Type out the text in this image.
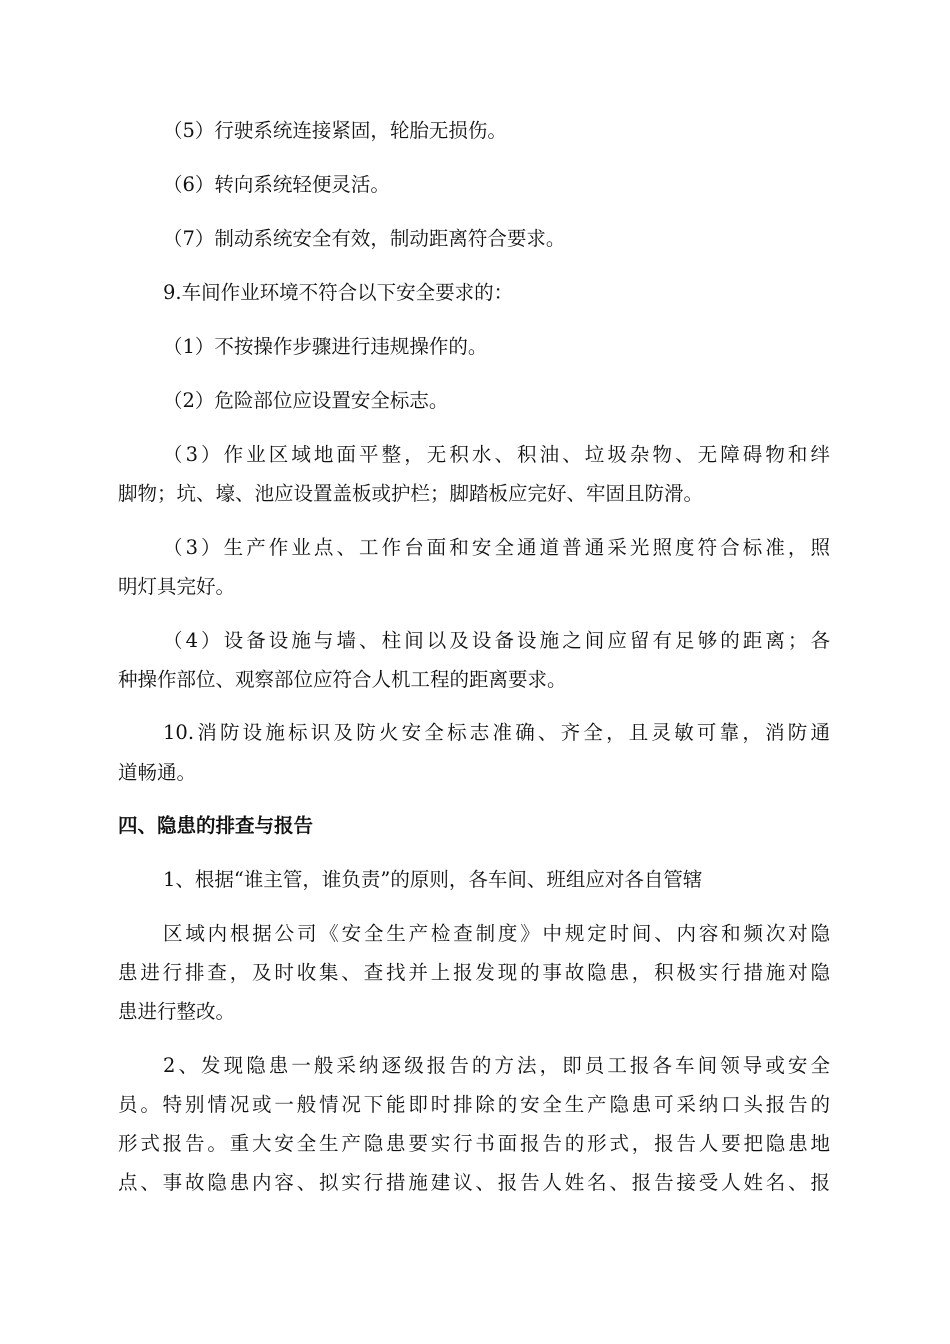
（5）行驶系统连接紧固，轮胎无损伤。
（6）转向系统轻便灵活。
（7）制动系统安全有效，制动距离符合要求。
9.车间作业环境不符合以下安全要求的：
（1）不按操作步骤进行违规操作的。
（2）危险部位应设置安全标志。
（3）作业区域地面平整，无积水、积油、垃圾杂物、无障碍物和绊
脚物；坑、壕、池应设置盖板或护栏；脚踏板应完好、牢固且防滑。
（3）生产作业点、工作台面和安全通道普通采光照度符合标准，照
明灯具完好。
（4）设备设施与墙、柱间以及设备设施之间应留有足够的距离；各
种操作部位、观察部位应符合人机工程的距离要求。
10.消防设施标识及防火安全标志准确、齐全，且灵敏可靠，消防通
道畅通。
四、隐患的排查与报告
1、根据“谁主管，谁负责”的原则，各车间、班组应对各自管辖
区域内根据公司《安全生产检查制度》中规定时间、内容和频次对隐
患进行排查，及时收集、查找并上报发现的事故隐患，积极实行措施对隐
患进行整改。
2、发现隐患一般采纳逐级报告的方法，即员工报各车间领导或安全
员。特别情况或一般情况下能即时排除的安全生产隐患可采纳口头报告的
形式报告。重大安全生产隐患要实行书面报告的形式，报告人要把隐患地
点、事故隐患内容、拟实行措施建议、报告人姓名、报告接受人姓名、报
